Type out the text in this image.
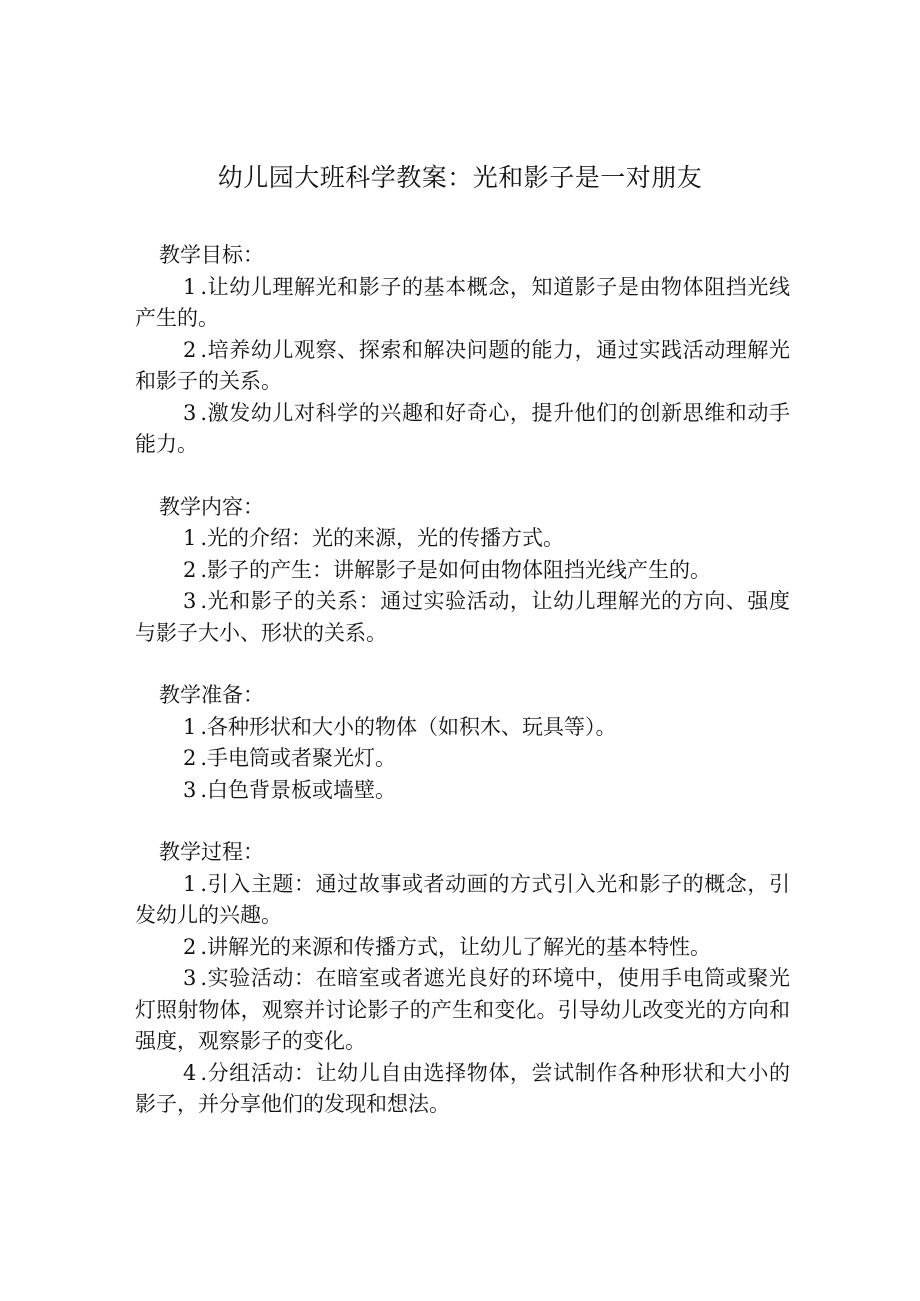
幼儿园大班科学教案：光和影子是一对朋友

教学目标：

1 .让幼儿理解光和影子的基本概念，知道影子是由物体阻挡光线产生的。

2 .培养幼儿观察、探索和解决问题的能力，通过实践活动理解光和影子的关系。

3 .激发幼儿对科学的兴趣和好奇心，提升他们的创新思维和动手能力。

教学内容：

1 .光的介绍：光的来源，光的传播方式。

2 .影子的产生：讲解影子是如何由物体阻挡光线产生的。

3 .光和影子的关系：通过实验活动，让幼儿理解光的方向、强度与影子大小、形状的关系。

教学准备：

1 .各种形状和大小的物体（如积木、玩具等）。

2 .手电筒或者聚光灯。

3 .白色背景板或墙壁。

教学过程：

1 .引入主题：通过故事或者动画的方式引入光和影子的概念，引发幼儿的兴趣。

2 .讲解光的来源和传播方式，让幼儿了解光的基本特性。

3 .实验活动：在暗室或者遮光良好的环境中，使用手电筒或聚光灯照射物体，观察并讨论影子的产生和变化。引导幼儿改变光的方向和强度，观察影子的变化。

4 .分组活动：让幼儿自由选择物体，尝试制作各种形状和大小的影子，并分享他们的发现和想法。
